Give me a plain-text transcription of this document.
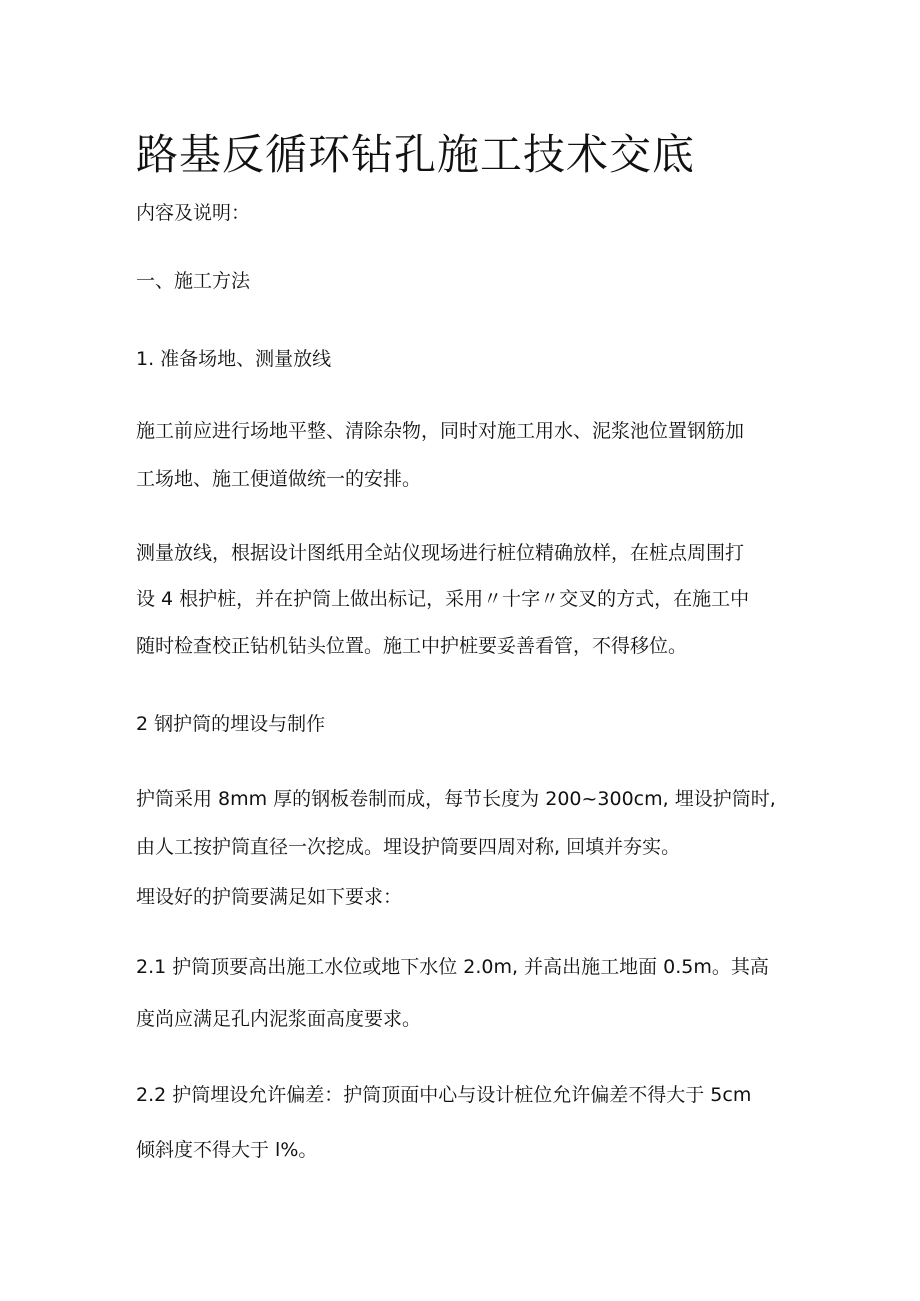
路基反循环钻孔施工技术交底
内容及说明：
一、施工方法
1. 准备场地、测量放线
施工前应进行场地平整、清除杂物，同时对施工用水、泥浆池位置钢筋加
工场地、施工便道做统一的安排。
测量放线，根据设计图纸用全站仪现场进行桩位精确放样，在桩点周围打
设 4 根护桩，并在护筒上做出标记，采用〃十字〃交叉的方式，在施工中
随时检查校正钻机钻头位置。施工中护桩要妥善看管，不得移位。
2 钢护筒的埋设与制作
护筒采用 8mm 厚的钢板卷制而成，每节长度为 200~300cm, 埋设护筒时,
由人工按护筒直径一次挖成。埋设护筒要四周对称, 回填并夯实。
埋设好的护筒要满足如下要求：
2.1 护筒顶要高出施工水位或地下水位 2.0m, 并高出施工地面 0.5m。其高
度尚应满足孔内泥浆面高度要求。
2.2 护筒埋设允许偏差：护筒顶面中心与设计桩位允许偏差不得大于 5cm
倾斜度不得大于 l%。
